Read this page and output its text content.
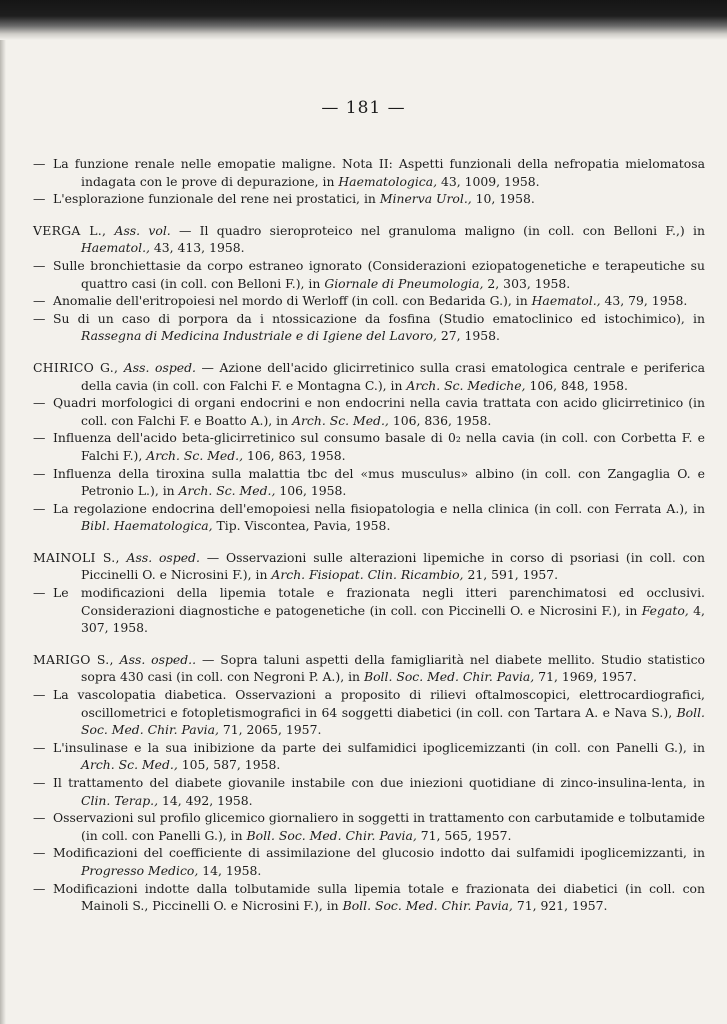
— 181 —
— La funzione renale nelle emopatie maligne. Nota II: Aspetti funzionali della nefropatia mielomatosa indagata con le prove di depurazione, in Haematologica, 43, 1009, 1958.
— L'esplorazione funzionale del rene nei prostatici, in Minerva Urol., 10, 1958.
VERGA L., Ass. vol. — Il quadro sieroproteico nel granuloma maligno (in coll. con Belloni F.,) in Haematol., 43, 413, 1958.
— Sulle bronchiettasie da corpo estraneo ignorato (Considerazioni eziopatogenetiche e terapeutiche su quattro casi (in coll. con Belloni F.), in Giornale di Pneumologia, 2, 303, 1958.
— Anomalie dell'eritropoiesi nel mordo di Werloff (in coll. con Bedarida G.), in Haematol., 43, 79, 1958.
— Su di un caso di porpora da i ntossicazione da fosfina (Studio ematoclinico ed istochimico), in Rassegna di Medicina Industriale e di Igiene del Lavoro, 27, 1958.
CHIRICO G., Ass. osped. — Azione dell'acido glicirretinico sulla crasi ematologica centrale e periferica della cavia (in coll. con Falchi F. e Montagna C.), in Arch. Sc. Mediche, 106, 848, 1958.
— Quadri morfologici di organi endocrini e non endocrini nella cavia trattata con acido glicirretinico (in coll. con Falchi F. e Boatto A.), in Arch. Sc. Med., 106, 836, 1958.
— Influenza dell'acido beta-glicirretinico sul consumo basale di 0₂ nella cavia (in coll. con Corbetta F. e Falchi F.), Arch. Sc. Med., 106, 863, 1958.
— Influenza della tiroxina sulla malattia tbc del «mus musculus» albino (in coll. con Zangaglia O. e Petronio L.), in Arch. Sc. Med., 106, 1958.
— La regolazione endocrina dell'emopoiesi nella fisiopatologia e nella clinica (in coll. con Ferrata A.), in Bibl. Haematologica, Tip. Viscontea, Pavia, 1958.
MAINOLI S., Ass. osped. — Osservazioni sulle alterazioni lipemiche in corso di psoriasi (in coll. con Piccinelli O. e Nicrosini F.), in Arch. Fisiopat. Clin. Ricambio, 21, 591, 1957.
— Le modificazioni della lipemia totale e frazionata negli itteri parenchimatosi ed occlusivi. Considerazioni diagnostiche e patogenetiche (in coll. con Piccinelli O. e Nicrosini F.), in Fegato, 4, 307, 1958.
MARIGO S., Ass. osped.. — Sopra taluni aspetti della famigliarità nel diabete mellito. Studio statistico sopra 430 casi (in coll. con Negroni P. A.), in Boll. Soc. Med. Chir. Pavia, 71, 1969, 1957.
— La vascolopatia diabetica. Osservazioni a proposito di rilievi oftalmoscopici, elettrocardiografici, oscillometrici e fotopletismografici in 64 soggetti diabetici (in coll. con Tartara A. e Nava S.), Boll. Soc. Med. Chir. Pavia, 71, 2065, 1957.
— L'insulinase e la sua inibizione da parte dei sulfamidici ipoglicemizzanti (in coll. con Panelli G.), in Arch. Sc. Med., 105, 587, 1958.
— Il trattamento del diabete giovanile instabile con due iniezioni quotidiane di zinco-insulina-lenta, in Clin. Terap., 14, 492, 1958.
— Osservazioni sul profilo glicemico giornaliero in soggetti in trattamento con carbutamide e tolbutamide (in coll. con Panelli G.), in Boll. Soc. Med. Chir. Pavia, 71, 565, 1957.
— Modificazioni del coefficiente di assimilazione del glucosio indotto dai sulfamidi ipoglicemizzanti, in Progresso Medico, 14, 1958.
— Modificazioni indotte dalla tolbutamide sulla lipemia totale e frazionata dei diabetici (in coll. con Mainoli S., Piccinelli O. e Nicrosini F.), in Boll. Soc. Med. Chir. Pavia, 71, 921, 1957.
